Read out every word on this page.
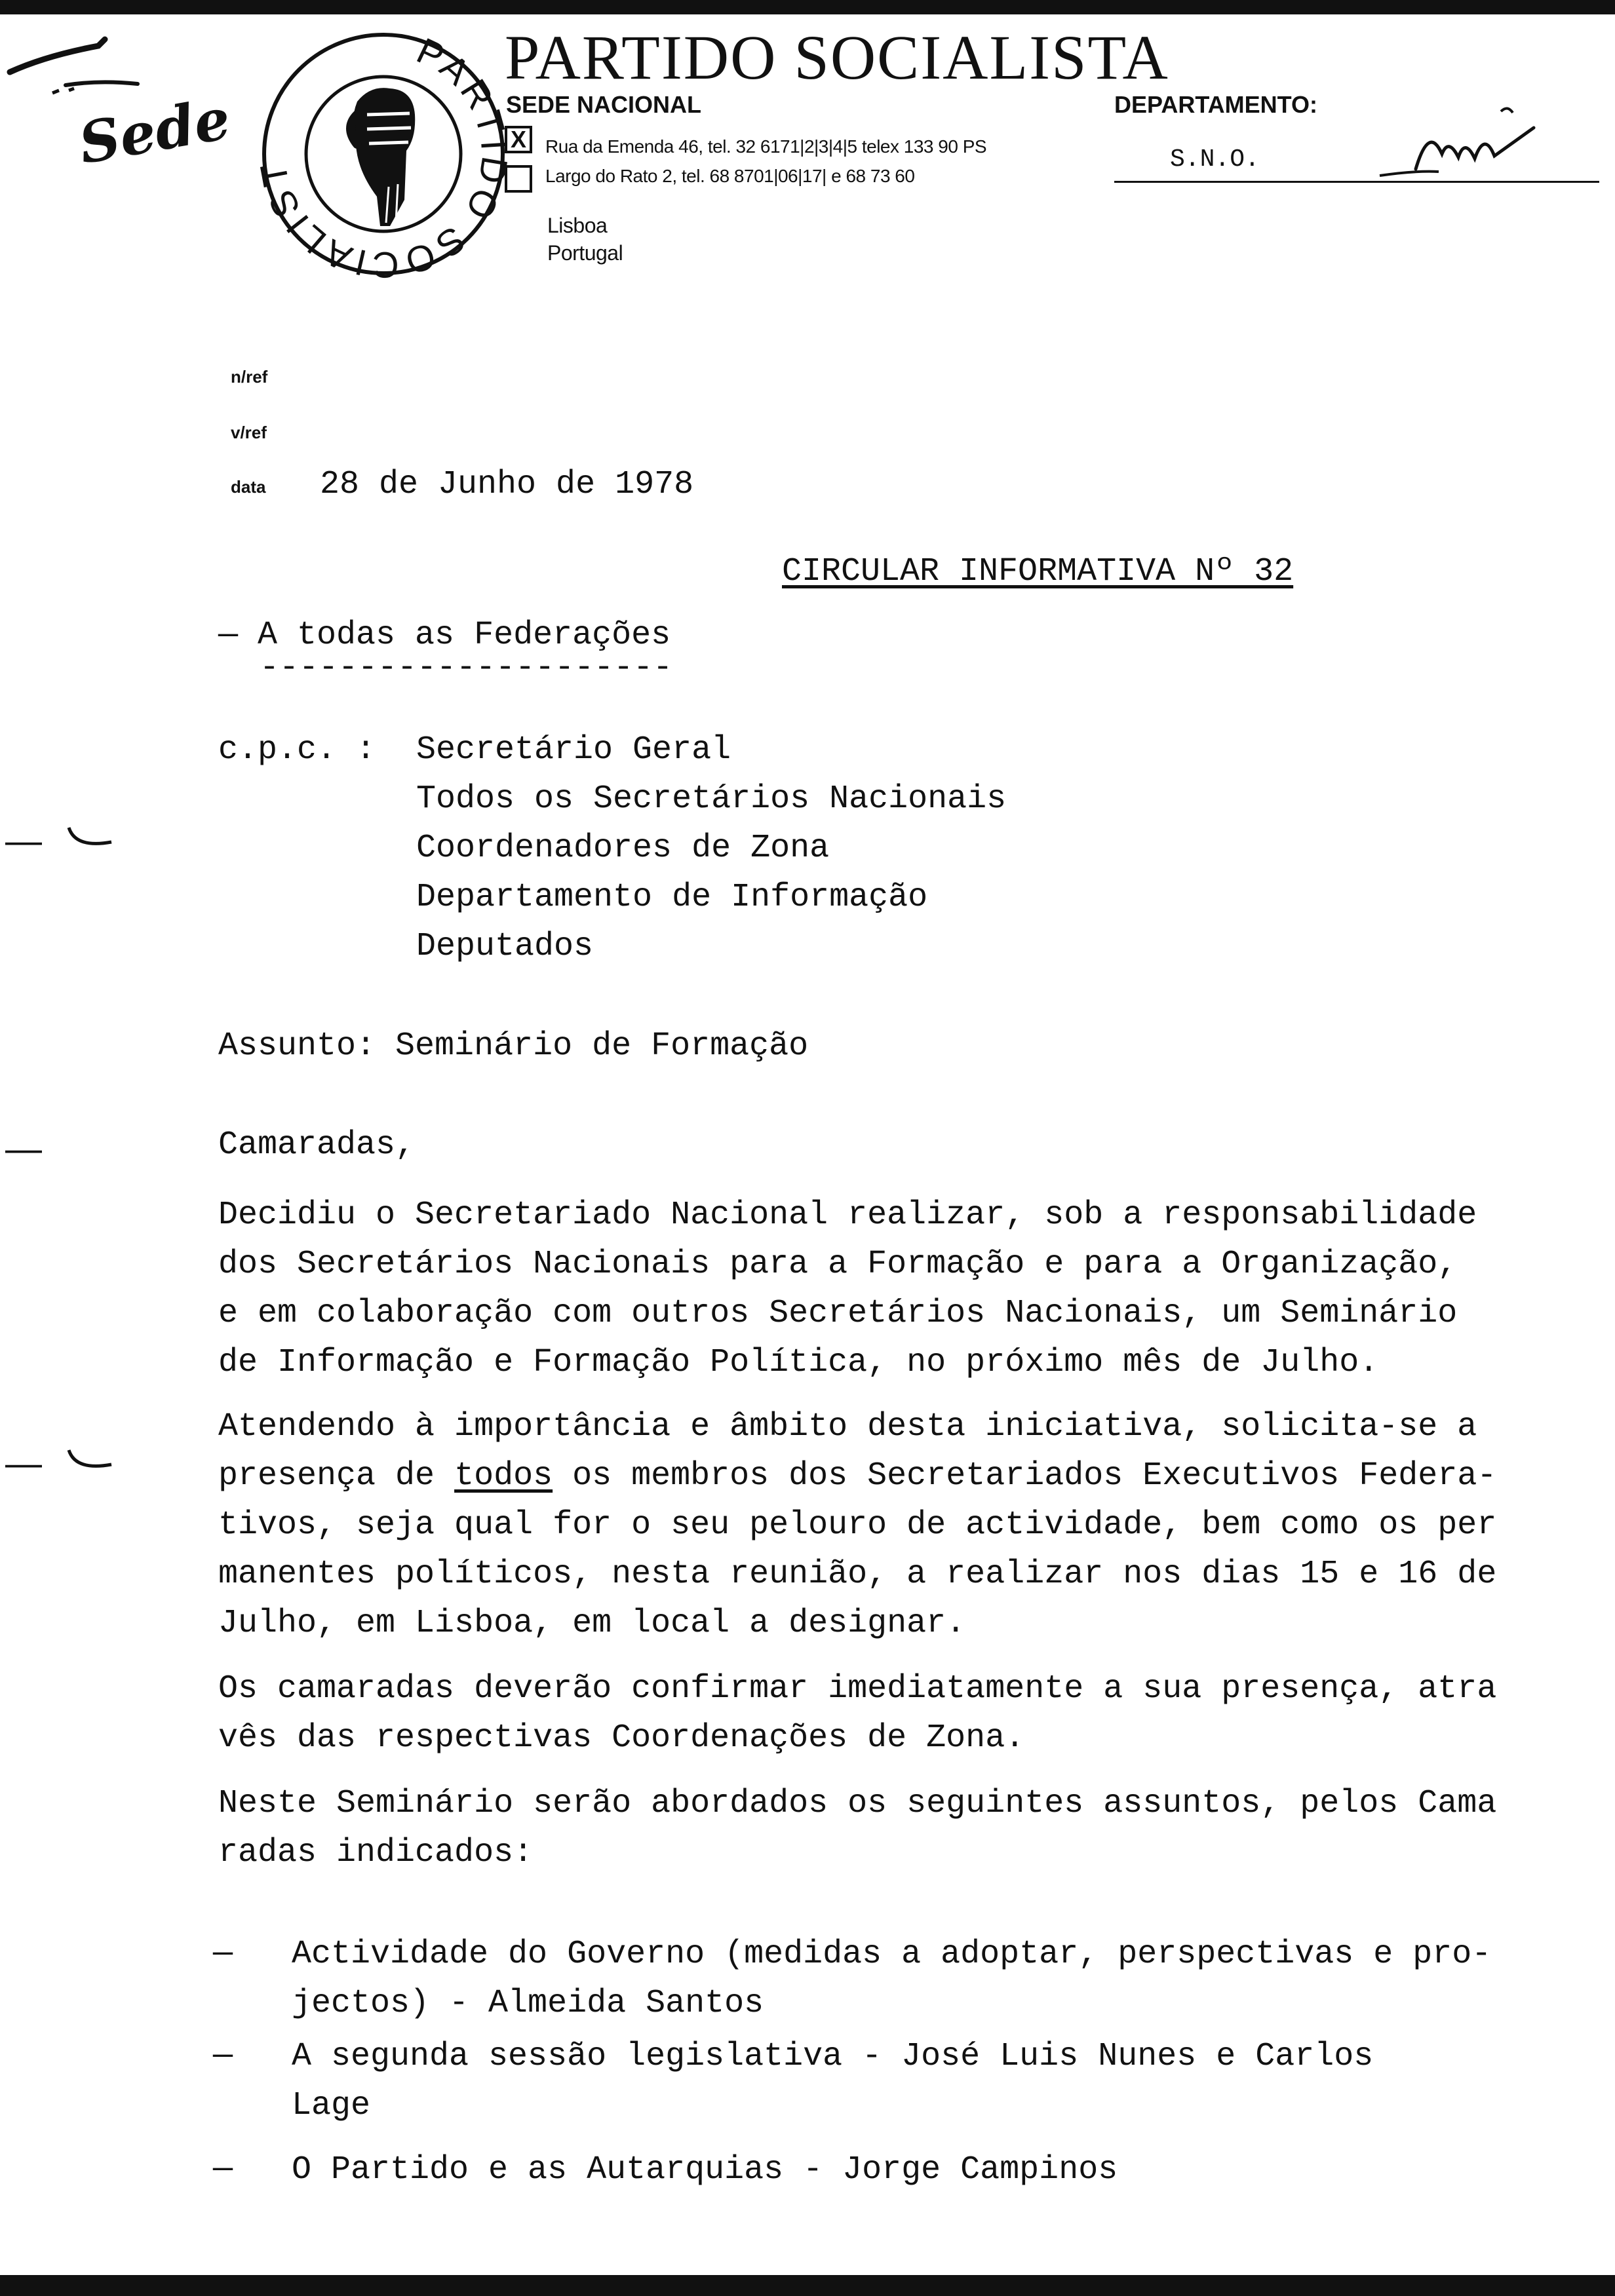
Sede
PAR O SOCIALIS
PARTIDO SOCIALISTA
SEDE NACIONAL
X	Rua da Emenda 46, tel. 32 6171|2|3|4|5 telex 133 90 PS
Largo do Rato 2, tel. 68 8701|06|17| e 68 73 60
Lisboa
Portugal
DEPARTAMENTO:
S.N.O.
n/ref
v/ref
data 28 de Junho de 1978
CIRCULAR INFORMATIVA Nº 32
— A todas as Federações
---------------------
c.p.c. : Secretário Geral
Todos os Secretários Nacionais
Coordenadores de Zona
Departamento de Informação
Deputados
Assunto: Seminário de Formação
Camaradas,
Decidiu o Secretariado Nacional realizar, sob a responsabilidade
dos Secretários Nacionais para a Formação e para a Organização,
e em colaboração com outros Secretários Nacionais, um Seminário
de Informação e Formação Política, no próximo mês de Julho.
Atendendo à importância e âmbito desta iniciativa, solicita-se a
presença de todos os membros dos Secretariados Executivos Federa-
tivos, seja qual for o seu pelouro de actividade, bem como os per
manentes políticos, nesta reunião, a realizar nos dias 15 e 16 de
Julho, em Lisboa, em local a designar.
Os camaradas deverão confirmar imediatamente a sua presença, atra
vês das respectivas Coordenações de Zona.
Neste Seminário serão abordados os seguintes assuntos, pelos Cama
radas indicados:
— Actividade do Governo (medidas a adoptar, perspectivas e pro-
jectos) - Almeida Santos
— A segunda sessão legislativa - José Luis Nunes e Carlos
Lage
— O Partido e as Autarquias - Jorge Campinos
—
—
—
